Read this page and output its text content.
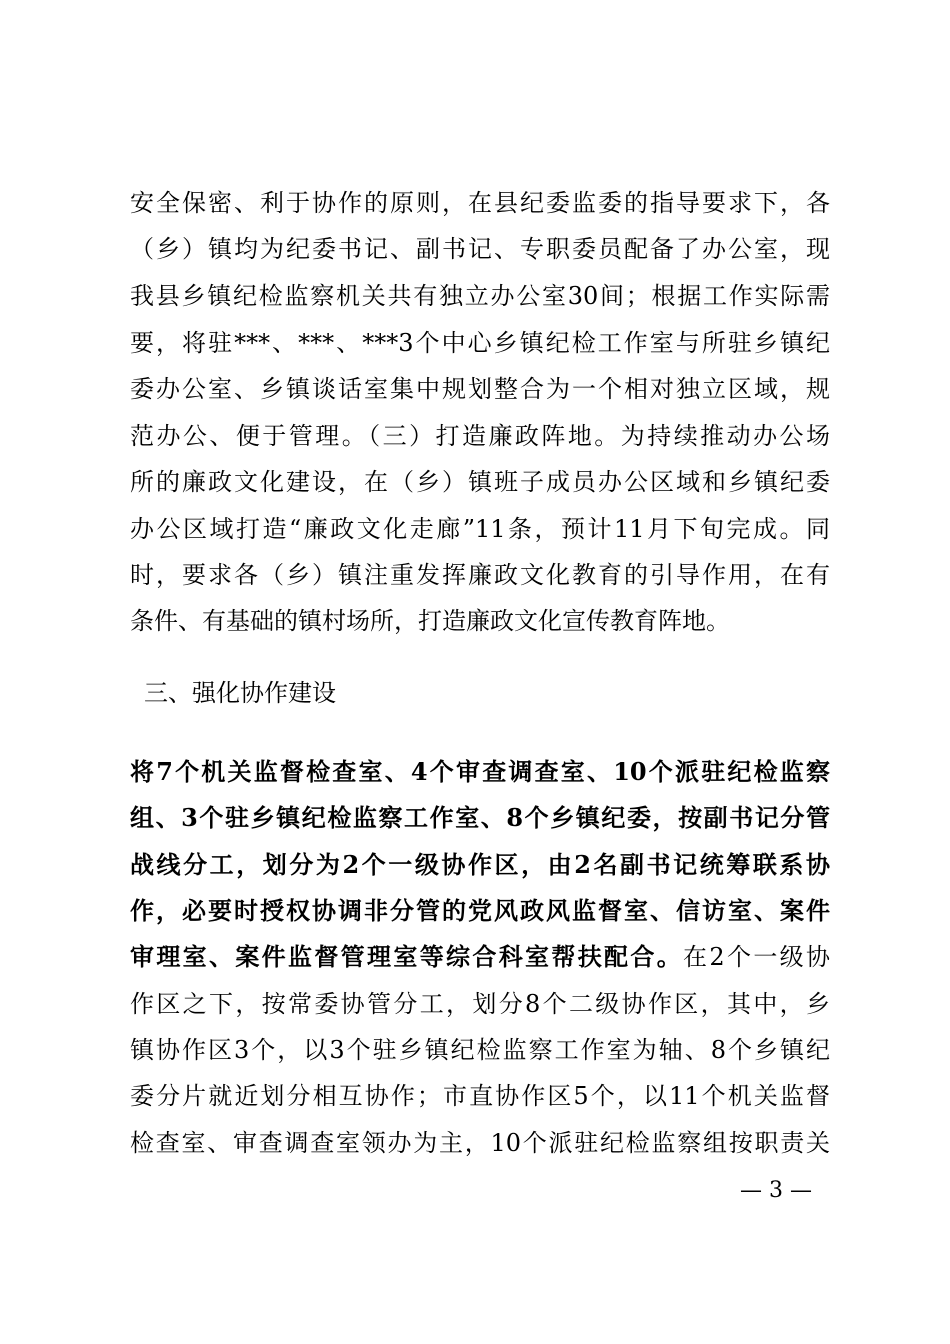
安全保密、利于协作的原则，在县纪委监委的指导要求下，各
（乡）镇均为纪委书记、副书记、专职委员配备了办公室，现
我县乡镇纪检监察机关共有独立办公室30间；根据工作实际需
要，将驻***、***、***3个中心乡镇纪检工作室与所驻乡镇纪
委办公室、乡镇谈话室集中规划整合为一个相对独立区域，规
范办公、便于管理。（三）打造廉政阵地。为持续推动办公场
所的廉政文化建设，在（乡）镇班子成员办公区域和乡镇纪委
办公区域打造“廉政文化走廊”11条，预计11月下旬完成。同
时，要求各（乡）镇注重发挥廉政文化教育的引导作用，在有
条件、有基础的镇村场所，打造廉政文化宣传教育阵地。
三、强化协作建设
将7个机关监督检查室、4个审查调查室、10个派驻纪检监察
组、3个驻乡镇纪检监察工作室、8个乡镇纪委，按副书记分管
战线分工，划分为2个一级协作区，由2名副书记统筹联系协
作，必要时授权协调非分管的党风政风监督室、信访室、案件
审理室、案件监督管理室等综合科室帮扶配合。在2个一级协
作区之下，按常委协管分工，划分8个二级协作区，其中，乡
镇协作区3个，以3个驻乡镇纪检监察工作室为轴、8个乡镇纪
委分片就近划分相互协作；市直协作区5个，以11个机关监督
检查室、审查调查室领办为主，10个派驻纪检监察组按职责关
— 3 —
